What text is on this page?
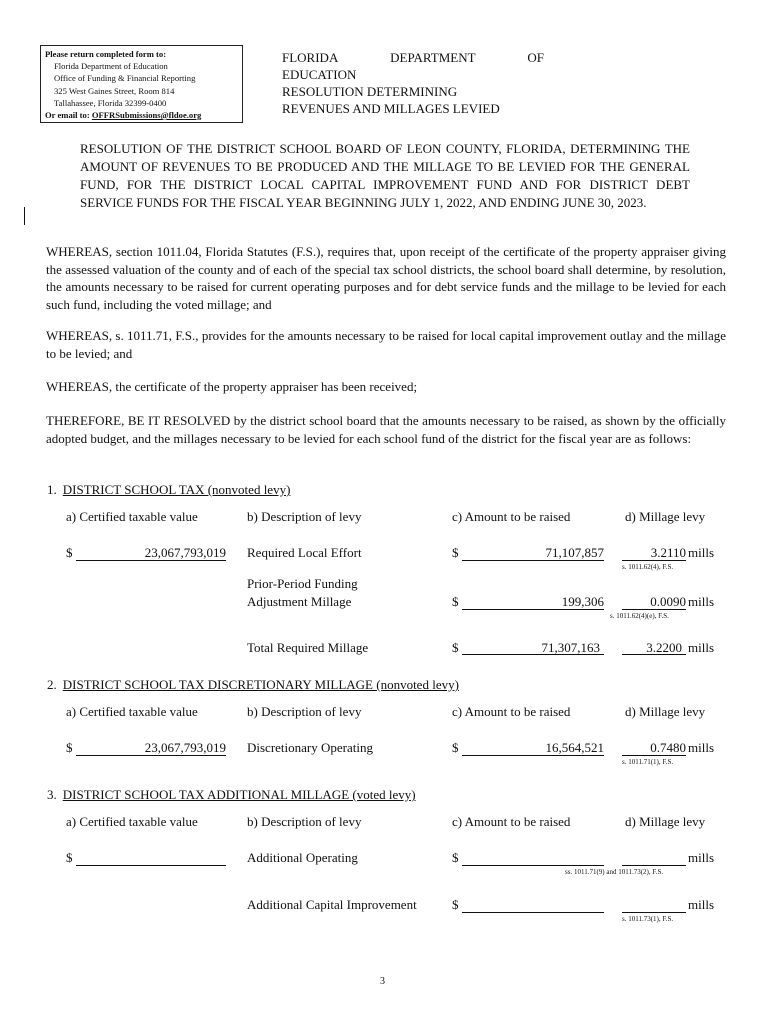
Please return completed form to:
Florida Department of Education
Office of Funding & Financial Reporting
325 West Gaines Street, Room 814
Tallahassee, Florida 32399-0400
Or email to: OFFRSubmissions@fldoe.org
FLORIDA	DEPARTMENT	OF
EDUCATION
RESOLUTION DETERMINING
REVENUES AND MILLAGES LEVIED
RESOLUTION OF THE DISTRICT SCHOOL BOARD OF LEON COUNTY, FLORIDA, DETERMINING THE AMOUNT OF REVENUES TO BE PRODUCED AND THE MILLAGE TO BE LEVIED FOR THE GENERAL FUND, FOR THE DISTRICT LOCAL CAPITAL IMPROVEMENT FUND AND FOR DISTRICT DEBT SERVICE FUNDS FOR THE FISCAL YEAR BEGINNING JULY 1, 2022, AND ENDING JUNE 30, 2023.
WHEREAS, section 1011.04, Florida Statutes (F.S.), requires that, upon receipt of the certificate of the property appraiser giving the assessed valuation of the county and of each of the special tax school districts, the school board shall determine, by resolution, the amounts necessary to be raised for current operating purposes and for debt service funds and the millage to be levied for each such fund, including the voted millage; and
WHEREAS, s. 1011.71, F.S., provides for the amounts necessary to be raised for local capital improvement outlay and the millage to be levied; and
WHEREAS, the certificate of the property appraiser has been received;
THEREFORE, BE IT RESOLVED by the district school board that the amounts necessary to be raised, as shown by the officially adopted budget, and the millages necessary to be levied for each school fund of the district for the fiscal year are as follows:
1. DISTRICT SCHOOL TAX (nonvoted levy)
a) Certified taxable value	b) Description of levy	c) Amount to be raised	d) Millage levy
$	23,067,793,019 Required Local Effort	$	71,107,857	3.2110 mills
s. 1011.62(4), F.S.
Prior-Period Funding
Adjustment Millage	$	199,306	0.0090 mills
s. 1011.62(4)(e), F.S.
Total Required Millage	$	71,307,163	3.2200 mills
2. DISTRICT SCHOOL TAX DISCRETIONARY MILLAGE (nonvoted levy)
a) Certified taxable value	b) Description of levy	c) Amount to be raised	d) Millage levy
$	23,067,793,019 Discretionary Operating	$	16,564,521	0.7480 mills
s. 1011.71(1), F.S.
3. DISTRICT SCHOOL TAX ADDITIONAL MILLAGE (voted levy)
a) Certified taxable value	b) Description of levy	c) Amount to be raised	d) Millage levy
$	Additional Operating	$	mills
ss. 1011.71(9) and 1011.73(2), F.S.
Additional Capital Improvement	$	mills
s. 1011.73(1), F.S.
3
